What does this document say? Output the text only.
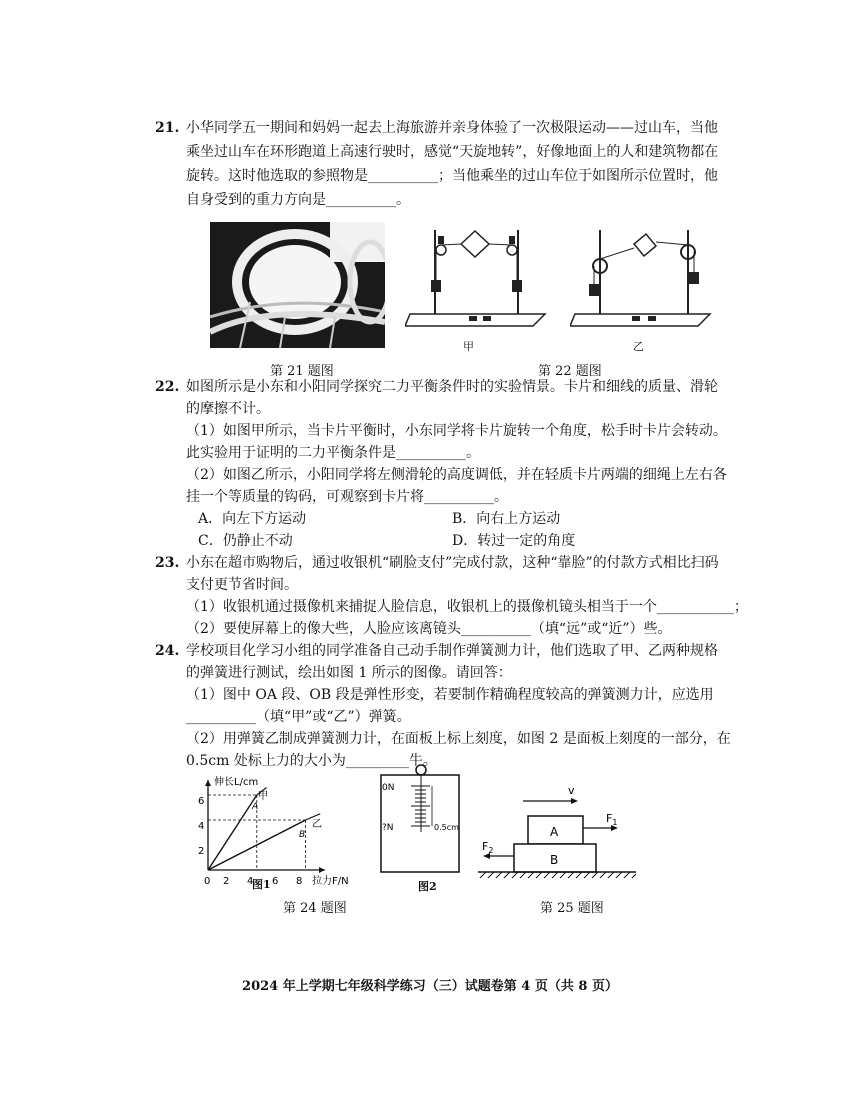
21. 小华同学五一期间和妈妈一起去上海旅游并亲身体验了一次极限运动——过山车，当他
乘坐过山车在环形跑道上高速行驶时，感觉“天旋地转”，好像地面上的人和建筑物都在
旋转。这时他选取的参照物是__________；当他乘坐的过山车位于如图所示位置时，他
自身受到的重力方向是__________。
甲	乙
第 21 题图	第 22 题图
22. 如图所示是小东和小阳同学探究二力平衡条件时的实验情景。卡片和细线的质量、滑轮
的摩擦不计。
（1）如图甲所示，当卡片平衡时，小东同学将卡片旋转一个角度，松手时卡片会转动。
此实验用于证明的二力平衡条件是__________。
（2）如图乙所示，小阳同学将左侧滑轮的高度调低，并在轻质卡片两端的细绳上左右各
挂一个等质量的钩码，可观察到卡片将__________。
A．向左下方运动	B．向右上方运动
C．仍静止不动	D．转过一定的角度
23. 小东在超市购物后，通过收银机“刷脸支付”完成付款，这种“靠脸”的付款方式相比扫码
支付更节省时间。
（1）收银机通过摄像机来捕捉人脸信息，收银机上的摄像机镜头相当于一个___________；
（2）要使屏幕上的像大些，人脸应该离镜头__________（填“远”或“近”）些。
24. 学校项目化学习小组的同学准备自己动手制作弹簧测力计，他们选取了甲、乙两种规格
的弹簧进行测试，绘出如图 1 所示的图像。请回答：
（1）图中 OA 段、OB 段是弹性形变，若要制作精确程度较高的弹簧测力计，应选用
__________（填“甲”或“乙”）弹簧。
（2）用弹簧乙制成弹簧测力计，在面板上标上刻度，如图 2 是面板上刻度的一部分，在
0.5cm 处标上力的大小为_________牛。
伸长L/cm
拉力F/N
0 2 4 6 8
2
4
6	甲
A
乙
B
图1
0N
?N	0.5cm
图2
v
A
B
$F_1$
$F_2$
第 24 题图	第 25 题图
2024 年上学期七年级科学练习（三）试题卷第 4 页（共 8 页）
